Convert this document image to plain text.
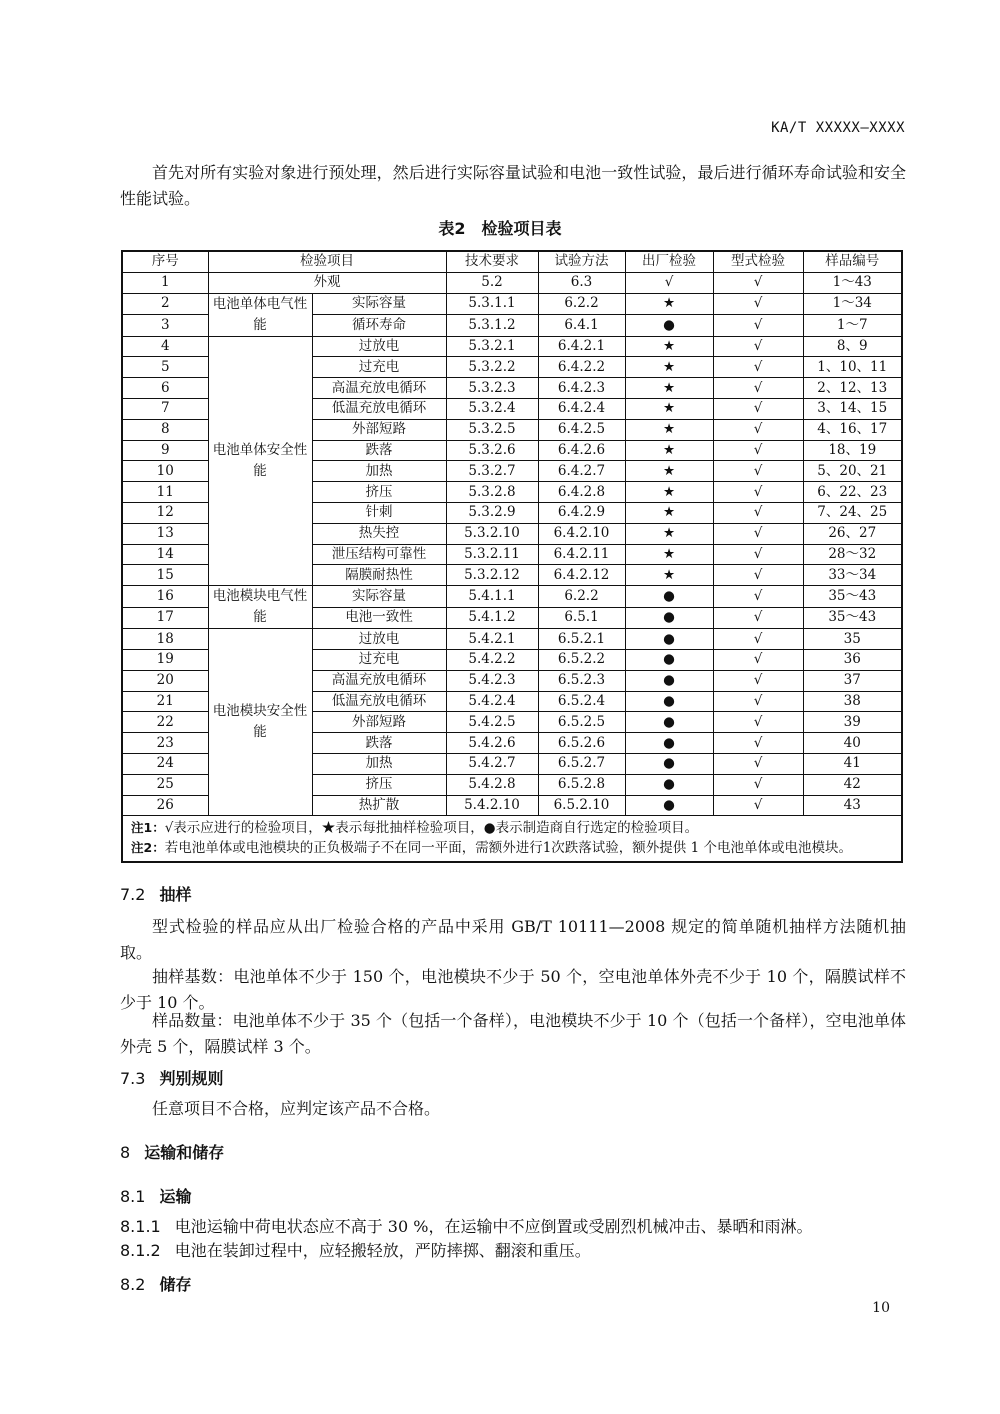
KA/T XXXXX—XXXX

首先对所有实验对象进行预处理，然后进行实际容量试验和电池一致性试验，最后进行循环寿命试验和安全性能试验。

表2　检验项目表
序号	检验项目		技术要求	试验方法	出厂检验	型式检验	样品编号
1	外观		5.2	6.3	√	√	1～43
2	电池单体电气性能	实际容量	5.3.1.1	6.2.2	★	√	1～34
3		循环寿命	5.3.1.2	6.4.1	●	√	1～7
4	电池单体安全性能	过放电	5.3.2.1	6.4.2.1	★	√	8、9
5		过充电	5.3.2.2	6.4.2.2	★	√	1、10、11
6		高温充放电循环	5.3.2.3	6.4.2.3	★	√	2、12、13
7		低温充放电循环	5.3.2.4	6.4.2.4	★	√	3、14、15
8		外部短路	5.3.2.5	6.4.2.5	★	√	4、16、17
9		跌落	5.3.2.6	6.4.2.6	★	√	18、19
10		加热	5.3.2.7	6.4.2.7	★	√	5、20、21
11		挤压	5.3.2.8	6.4.2.8	★	√	6、22、23
12		针刺	5.3.2.9	6.4.2.9	★	√	7、24、25
13		热失控	5.3.2.10	6.4.2.10	★	√	26、27
14		泄压结构可靠性	5.3.2.11	6.4.2.11	★	√	28～32
15		隔膜耐热性	5.3.2.12	6.4.2.12	★	√	33～34
16	电池模块电气性能	实际容量	5.4.1.1	6.2.2	●	√	35～43
17		电池一致性	5.4.1.2	6.5.1	●	√	35～43
18	电池模块安全性能	过放电	5.4.2.1	6.5.2.1	●	√	35
19		过充电	5.4.2.2	6.5.2.2	●	√	36
20		高温充放电循环	5.4.2.3	6.5.2.3	●	√	37
21		低温充放电循环	5.4.2.4	6.5.2.4	●	√	38
22		外部短路	5.4.2.5	6.5.2.5	●	√	39
23		跌落	5.4.2.6	6.5.2.6	●	√	40
24		加热	5.4.2.7	6.5.2.7	●	√	41
25		挤压	5.4.2.8	6.5.2.8	●	√	42
26		热扩散	5.4.2.10	6.5.2.10	●	√	43

注1：√表示应进行的检验项目，★表示每批抽样检验项目，●表示制造商自行选定的检验项目。
注2：若电池单体或电池模块的正负极端子不在同一平面，需额外进行1次跌落试验，额外提供 1 个电池单体或电池模块。							
7.2 抽样

型式检验的样品应从出厂检验合格的产品中采用 GB/T 10111—2008 规定的简单随机抽样方法随机抽取。

抽样基数：电池单体不少于 150 个，电池模块不少于 50 个，空电池单体外壳不少于 10 个，隔膜试样不少于 10 个。

样品数量：电池单体不少于 35 个（包括一个备样），电池模块不少于 10 个（包括一个备样），空电池单体外壳 5 个，隔膜试样 3 个。

7.3 判别规则

任意项目不合格，应判定该产品不合格。

8 运输和储存
8.1 运输

8.1.1 电池运输中荷电状态应不高于 30 %，在运输中不应倒置或受剧烈机械冲击、暴晒和雨淋。

8.1.2 电池在装卸过程中，应轻搬轻放，严防摔掷、翻滚和重压。

8.2 储存
10
